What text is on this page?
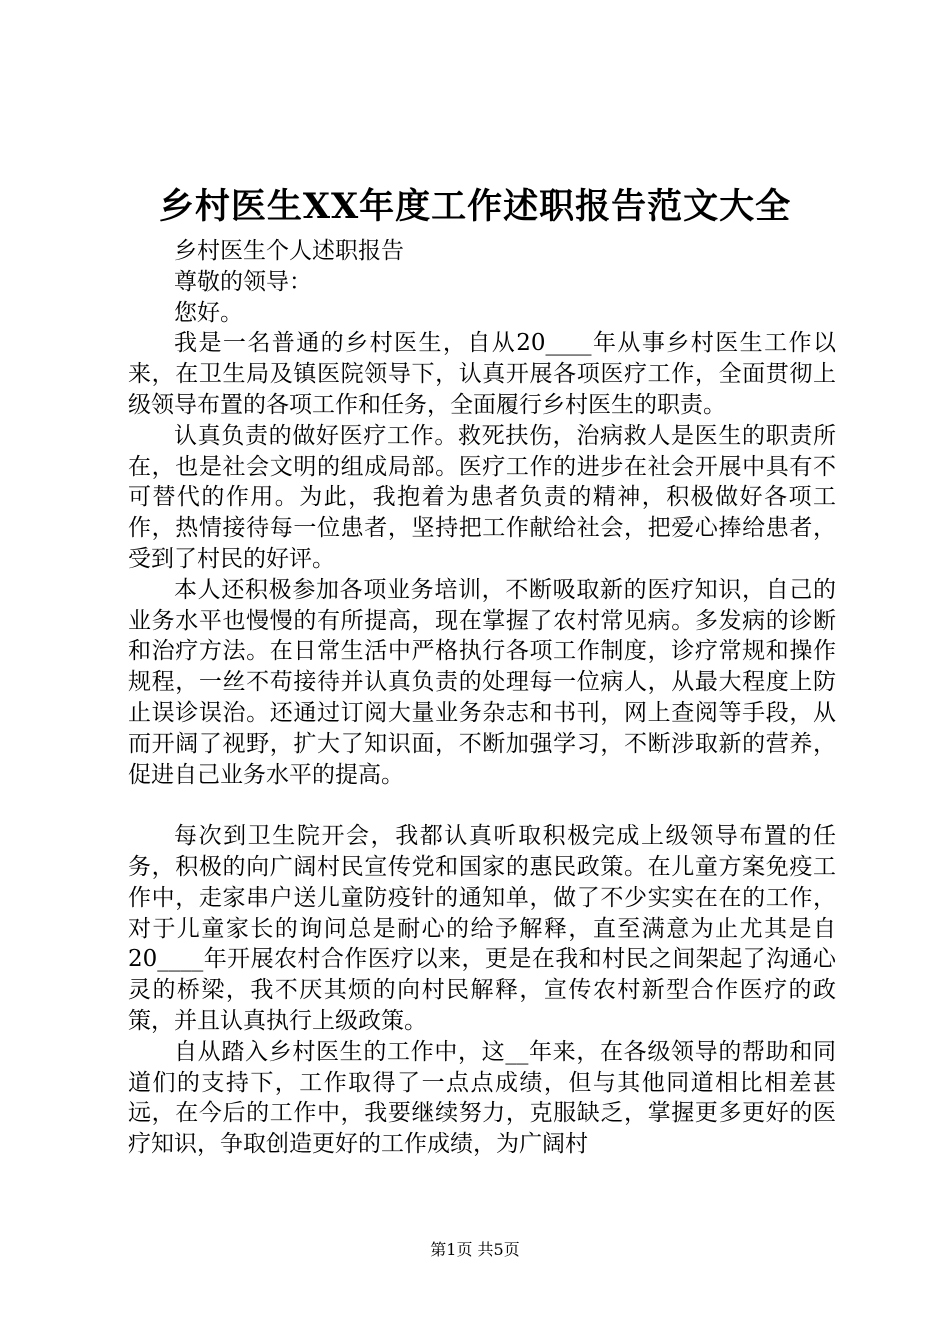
乡村医生XX年度工作述职报告范文大全

乡村医生个人述职报告

尊敬的领导：

您好。

我是一名普通的乡村医生，自从20____年从事乡村医生工作以来，在卫生局及镇医院领导下，认真开展各项医疗工作，全面贯彻上级领导布置的各项工作和任务，全面履行乡村医生的职责。

认真负责的做好医疗工作。救死扶伤，治病救人是医生的职责所在，也是社会文明的组成局部。医疗工作的进步在社会开展中具有不可替代的作用。为此，我抱着为患者负责的精神，积极做好各项工作，热情接待每一位患者，坚持把工作献给社会，把爱心捧给患者，受到了村民的好评。

本人还积极参加各项业务培训，不断吸取新的医疗知识，自己的业务水平也慢慢的有所提高，现在掌握了农村常见病。多发病的诊断和治疗方法。在日常生活中严格执行各项工作制度，诊疗常规和操作规程，一丝不苟接待并认真负责的处理每一位病人，从最大程度上防止误诊误治。还通过订阅大量业务杂志和书刊，网上查阅等手段，从而开阔了视野，扩大了知识面，不断加强学习，不断涉取新的营养，促进自己业务水平的提高。

每次到卫生院开会，我都认真听取积极完成上级领导布置的任务，积极的向广阔村民宣传党和国家的惠民政策。在儿童方案免疫工作中，走家串户送儿童防疫针的通知单，做了不少实实在在的工作，对于儿童家长的询问总是耐心的给予解释，直至满意为止尤其是自20____年开展农村合作医疗以来，更是在我和村民之间架起了沟通心灵的桥梁，我不厌其烦的向村民解释，宣传农村新型合作医疗的政策，并且认真执行上级政策。

自从踏入乡村医生的工作中，这__年来，在各级领导的帮助和同道们的支持下，工作取得了一点点成绩，但与其他同道相比相差甚远，在今后的工作中，我要继续努力，克服缺乏，掌握更多更好的医疗知识，争取创造更好的工作成绩，为广阔村

第1页 共5页
